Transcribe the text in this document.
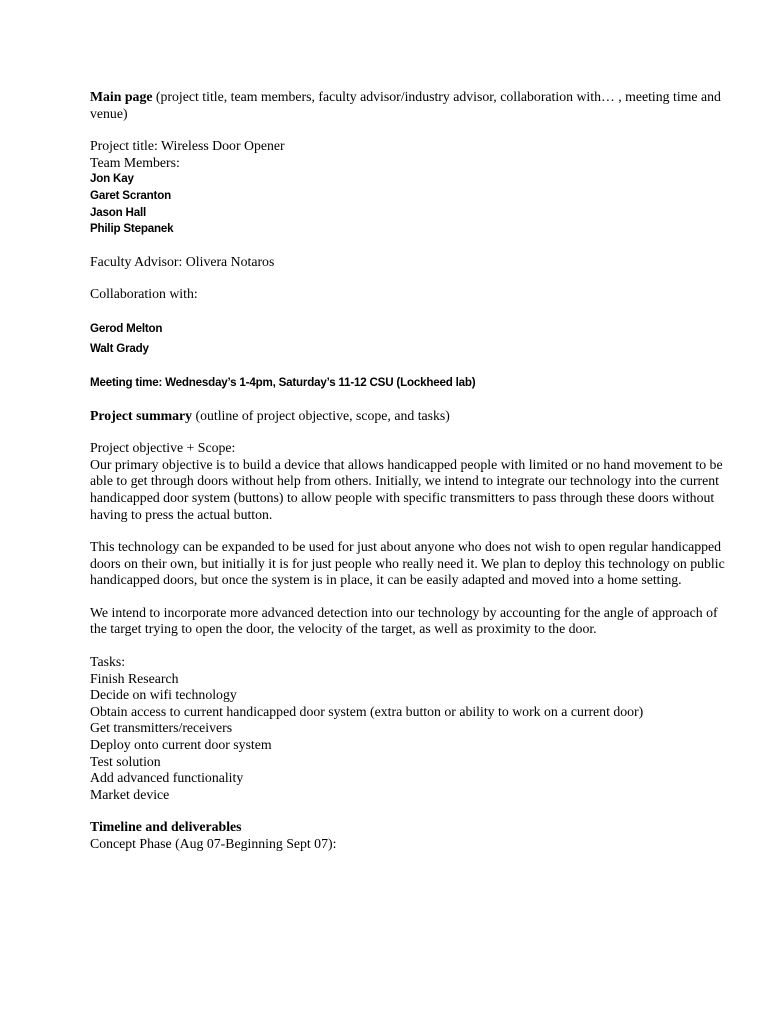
Main page (project title, team members, faculty advisor/industry advisor, collaboration with… , meeting time and venue)

Project title: Wireless Door Opener

Team Members:

Jon Kay

Garet Scranton

Jason Hall

Philip Stepanek

Faculty Advisor: Olivera Notaros

Collaboration with:

Gerod Melton

Walt Grady

Meeting time: Wednesday’s 1-4pm, Saturday’s 11-12 CSU (Lockheed lab)

Project summary (outline of project objective, scope, and tasks)

Project objective + Scope:

Our primary objective is to build a device that allows handicapped people with limited or no hand movement to be able to get through doors without help from others. Initially, we intend to integrate our technology into the current handicapped door system (buttons) to allow people with specific transmitters to pass through these doors without having to press the actual button.

This technology can be expanded to be used for just about anyone who does not wish to open regular handicapped doors on their own, but initially it is for just people who really need it. We plan to deploy this technology on public handicapped doors, but once the system is in place, it can be easily adapted and moved into a home setting.

We intend to incorporate more advanced detection into our technology by accounting for the angle of approach of the target trying to open the door, the velocity of the target, as well as proximity to the door.

Tasks:

Finish Research

Decide on wifi technology

Obtain access to current handicapped door system (extra button or ability to work on a current door)

Get transmitters/receivers

Deploy onto current door system

Test solution

Add advanced functionality

Market device

Timeline and deliverables

Concept Phase (Aug 07-Beginning Sept 07):
